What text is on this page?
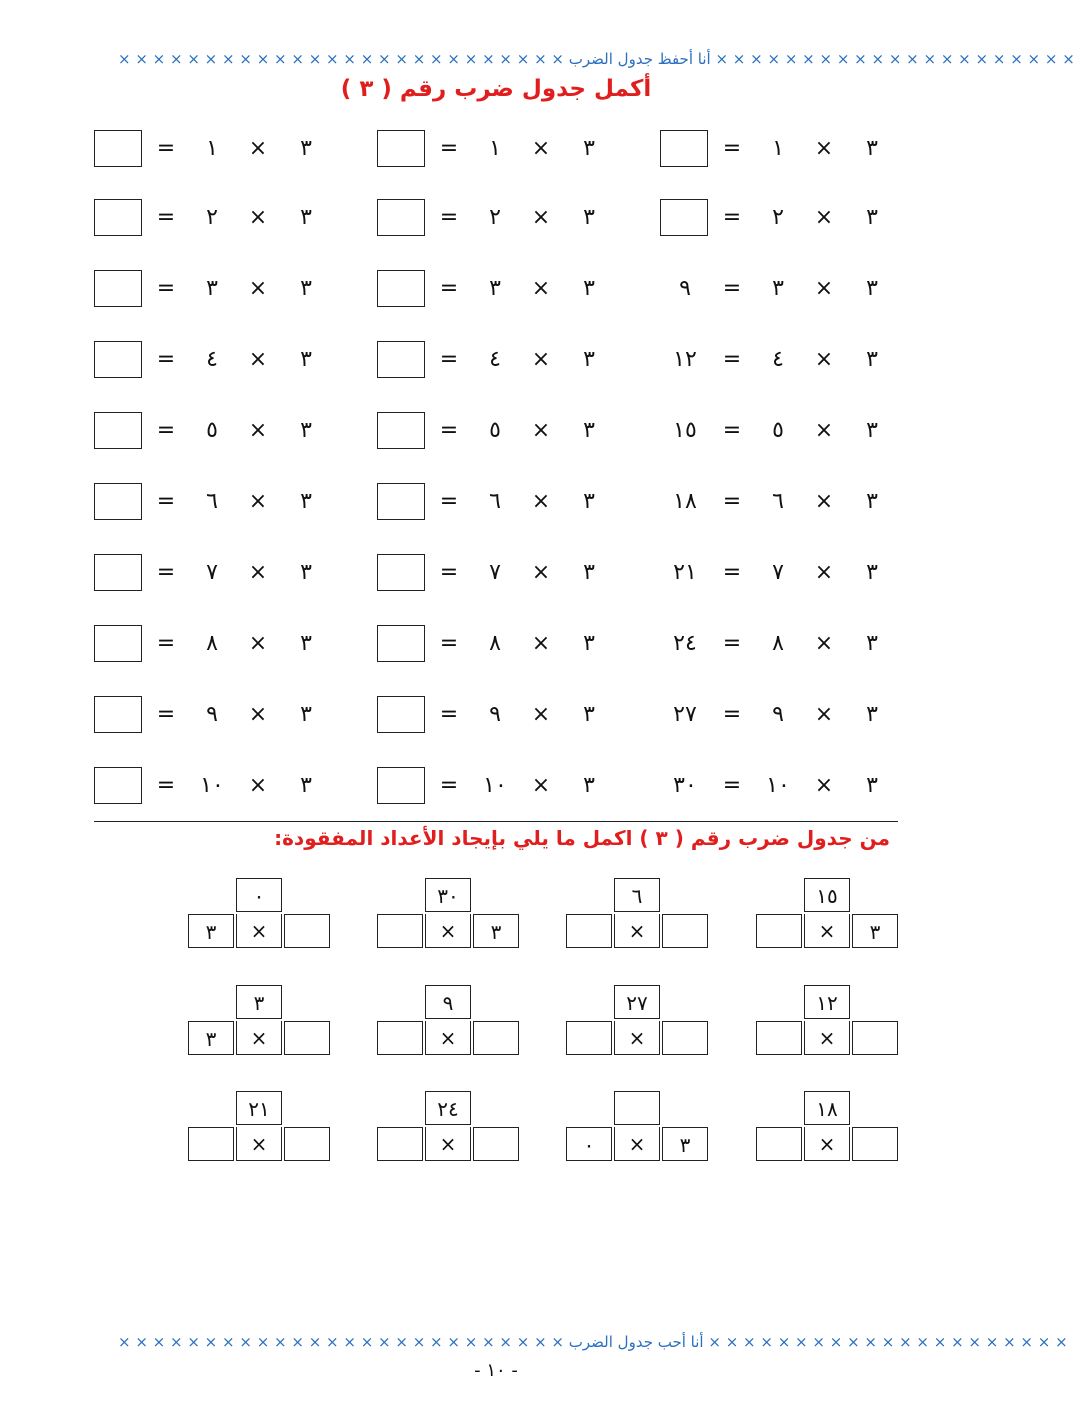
× × × × × × × × × × × × × × × × × × × × × × × × × × أنا أحفظ جدول الضرب × × × × × × × × × × × × × × × × × × × × ×
أكمل جدول ضرب رقم ( ٣ )
=	١	×	٣	=	١	×	٣	=	١	×	٣
=	٢	×	٣	=	٢	×	٣	=	٢	×	٣
=	٣	×	٣	=	٣	×	٣	٩	=	٣	×	٣
=	٤	×	٣	=	٤	×	٣	١٢	=	٤	×	٣
=	٥	×	٣	=	٥	×	٣	١٥	=	٥	×	٣
=	٦	×	٣	=	٦	×	٣	١٨	=	٦	×	٣
=	٧	×	٣	=	٧	×	٣	٢١	=	٧	×	٣
=	٨	×	٣	=	٨	×	٣	٢٤	=	٨	×	٣
=	٩	×	٣	=	٩	×	٣	٢٧	=	٩	×	٣
= ١٠ ×	٣	= ١٠ ×	٣	٣٠	= ١٠ ×	٣
من جدول ضرب رقم ( ٣ ) اكمل ما يلي بإيجاد الأعداد المفقودة:
١٥
×	٣
٦
×
٣٠
×	٣
٠
٣	×
١٢
×
٢٧
×
٩
×
٣
٣	×
١٨
×
٠	×	٣
٢٤
×
٢١
×
× × × × × × × × × × × × × × × × × × × × × × × × × × أنا أحب جدول الضرب × × × × × × × × × × × × × × × × × × × × ×
- ١٠ -
